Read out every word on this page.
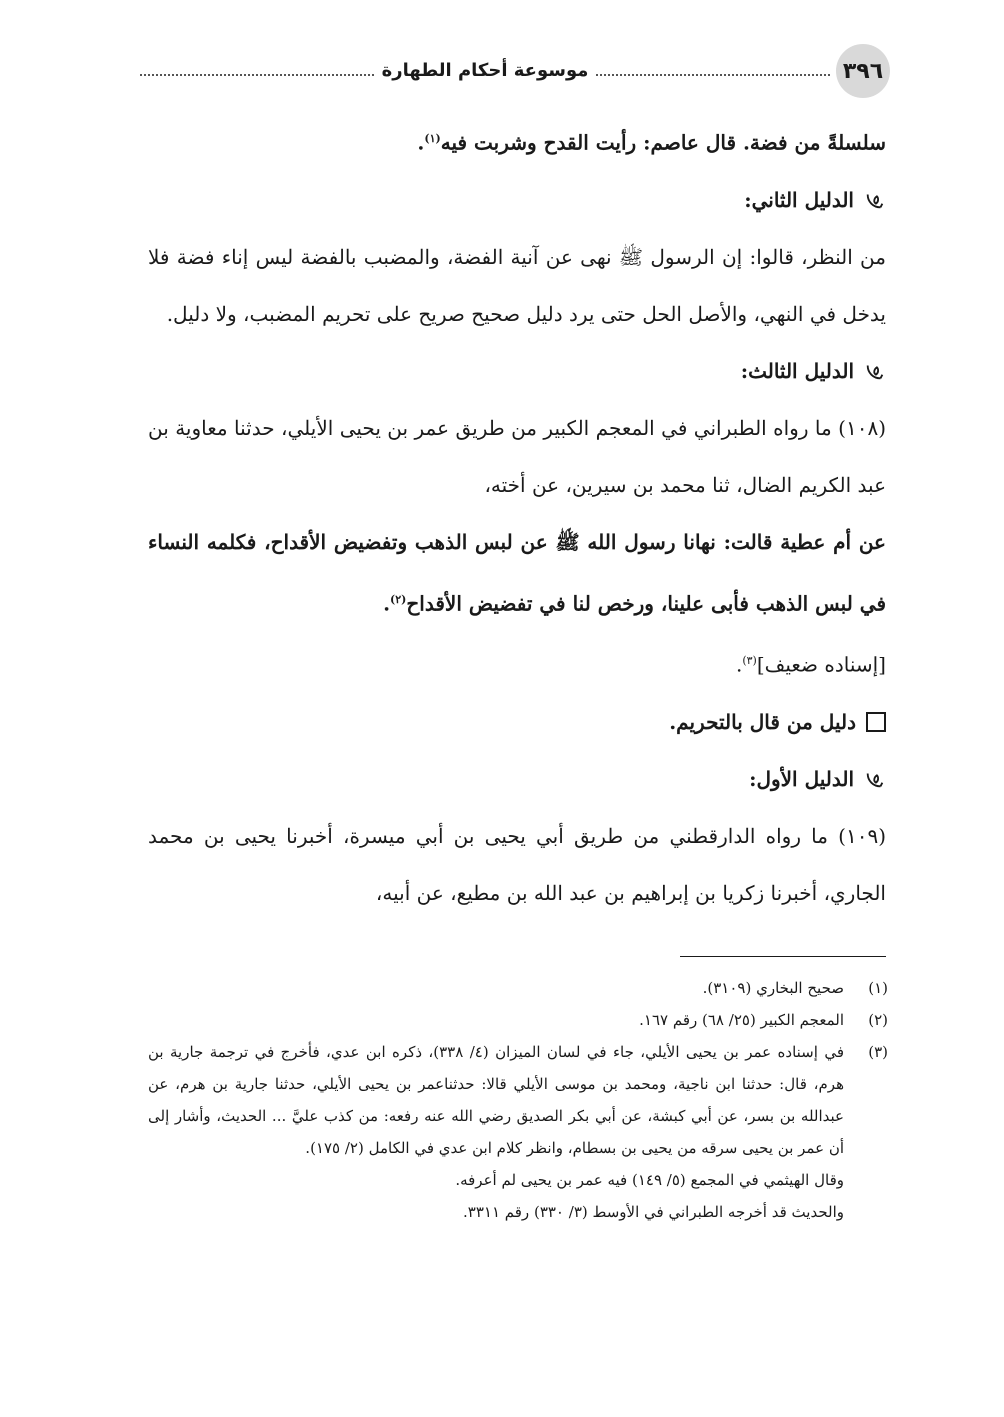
٣٩٦
موسوعة أحكام الطهارة

سلسلةً من فضة. قال عاصم: رأيت القدح وشربت فيه$^{(١)}$.

الدليل الثاني:

من النظر، قالوا: إن الرسول ﷺ نهى عن آنية الفضة، والمضبب بالفضة ليس إناء فضة فلا يدخل في النهي، والأصل الحل حتى يرد دليل صحيح صريح على تحريم المضبب، ولا دليل.

الدليل الثالث:

(١٠٨) ما رواه الطبراني في المعجم الكبير من طريق عمر بن يحيى الأيلي، حدثنا معاوية بن عبد الكريم الضال، ثنا محمد بن سيرين، عن أخته،

عن أم عطية قالت: نهانا رسول الله ﷺ عن لبس الذهب وتفضيض الأقداح، فكلمه النساء في لبس الذهب فأبى علينا، ورخص لنا في تفضيض الأقداح$^{(٢)}$.

[إسناده ضعيف]$^{(٣)}$.

دليل من قال بالتحريم.

الدليل الأول:

(١٠٩) ما رواه الدارقطني من طريق أبي يحيى بن أبي ميسرة، أخبرنا يحيى بن محمد الجاري، أخبرنا زكريا بن إبراهيم بن عبد الله بن مطيع، عن أبيه،

(١)
صحيح البخاري (٣١٠٩).

(٢)
المعجم الكبير (٢٥/ ٦٨) رقم ١٦٧.

(٣)
في إسناده عمر بن يحيى الأيلي، جاء في لسان الميزان (٤/ ٣٣٨)، ذكره ابن عدي، فأخرج في ترجمة جارية بن هرم، قال: حدثنا ابن ناجية، ومحمد بن موسى الأيلي قالا: حدثناعمر بن يحيى الأيلي، حدثنا جارية بن هرم، عن عبدالله بن بسر، عن أبي كبشة، عن أبي بكر الصديق رضي الله عنه رفعه: من كذب عليَّ ... الحديث، وأشار إلى أن عمر بن يحيى سرقه من يحيى بن بسطام، وانظر كلام ابن عدي في الكامل (٢/ ١٧٥).

وقال الهيثمي في المجمع (٥/ ١٤٩) فيه عمر بن يحيى لم أعرفه.

والحديث قد أخرجه الطبراني في الأوسط (٣/ ٣٣٠) رقم ٣٣١١.
